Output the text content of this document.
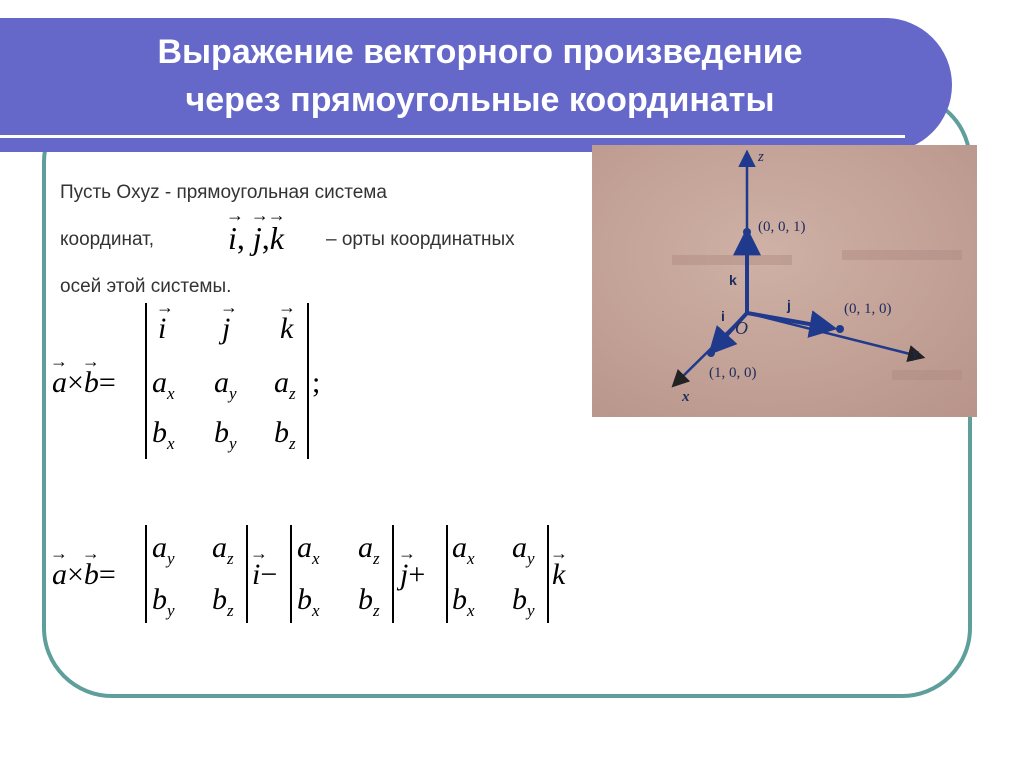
Выражение векторного произведение
через прямоугольные координаты
Пусть Oxyz - прямоугольная система
координат, → i, → j,→ k – орты координатных
осей этой системы.
→ a×→ b=
→ i → j → k
$a_x$ $a_y$ $a_z$
$b_x$ $b_y$ $b_z$
;
→ a×→ b=
$a_y$ $a_z$
$b_y$ $b_z$
→ i−
$a_x$ $a_z$
$b_x$ $b_z$
→ j+
$a_x$ $a_y$
$b_x$ $b_y$
→ k
z
y
x
O
k
j
i
(0, 0, 1)
(0, 1, 0)
(1, 0, 0)
